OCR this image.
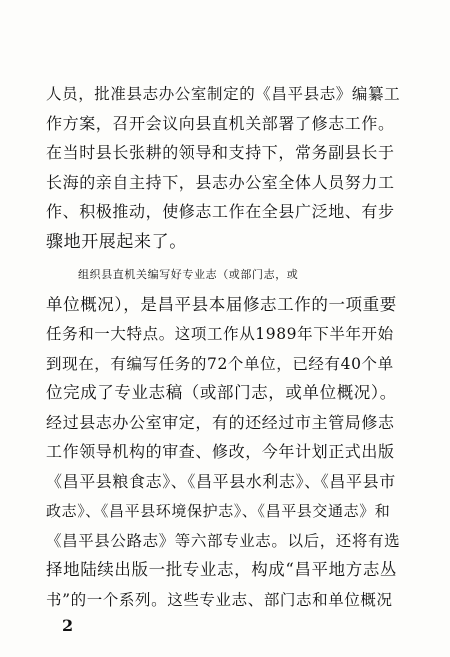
人员，批准县志办公室制定的《昌平县志》编纂工
作方案，召开会议向县直机关部署了修志工作。
在当时县长张耕的领导和支持下，常务副县长于
长海的亲自主持下，县志办公室全体人员努力工
作、积极推动，使修志工作在全县广泛地、有步
骤地开展起来了。
组织县直机关编写好专业志（或部门志，或
单位概况），是昌平县本届修志工作的一项重要
任务和一大特点。这项工作从1989年下半年开始
到现在，有编写任务的72个单位，已经有40个单
位完成了专业志稿（或部门志，或单位概况）。
经过县志办公室审定，有的还经过市主管局修志
工作领导机构的审查、修改，今年计划正式出版
《昌平县粮食志》、《昌平县水利志》、《昌平县市
政志》、《昌平县环境保护志》、《昌平县交通志》和
《昌平县公路志》等六部专业志。以后，还将有选
择地陆续出版一批专业志，构成“昌平地方志丛
书”的一个系列。这些专业志、部门志和单位概况
2
